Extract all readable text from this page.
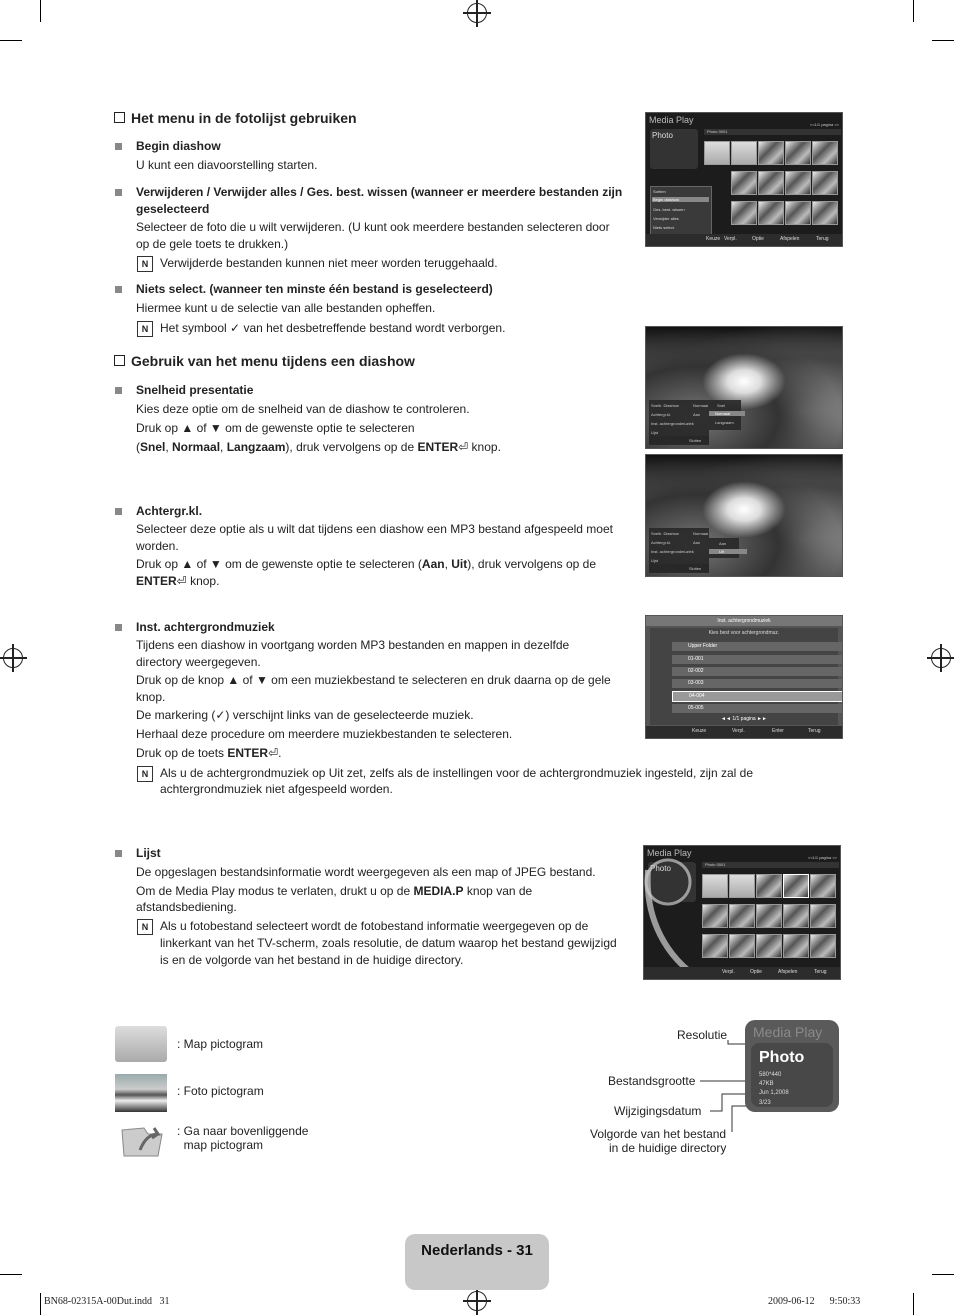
Het menu in de fotolijst gebruiken
Begin diashow
U kunt een diavoorstelling starten.
Verwijderen / Verwijder alles / Ges. best. wissen (wanneer er meerdere bestanden zijn
geselecteerd
Selecteer de foto die u wilt verwijderen. (U kunt ook meerdere bestanden selecteren door
op de gele toets te drukken.)
N Verwijderde bestanden kunnen niet meer worden teruggehaald.
Niets select. (wanneer ten minste één bestand is geselecteerd)
Hiermee kunt u de selectie van alle bestanden opheffen.
N Het symbool ✓ van het desbetreffende bestand wordt verborgen.
Gebruik van het menu tijdens een diashow
Snelheid presentatie
Kies deze optie om de snelheid van de diashow te controleren.
Druk op ▲ of ▼ om de gewenste optie te selecteren
(Snel, Normaal, Langzaam), druk vervolgens op de ENTER⏎ knop.
Achtergr.kl.
Selecteer deze optie als u wilt dat tijdens een diashow een MP3 bestand afgespeeld moet
worden.
Druk op ▲ of ▼ om de gewenste optie te selecteren (Aan, Uit), druk vervolgens op de
ENTER⏎ knop.
Inst. achtergrondmuziek
Tijdens een diashow in voortgang worden MP3 bestanden en mappen in dezelfde
directory weergegeven.
Druk op de knop ▲ of ▼ om een muziekbestand te selecteren en druk daarna op de gele
knop.
De markering (✓) verschijnt links van de geselecteerde muziek.
Herhaal deze procedure om meerdere muziekbestanden te selecteren.
Druk op de toets ENTER⏎.
N Als u de achtergrondmuziek op Uit zet, zelfs als de instellingen voor de achtergrondmuziek ingesteld, zijn zal de
achtergrondmuziek niet afgespeeld worden.
Lijst
De opgeslagen bestandsinformatie wordt weergegeven als een map of JPEG bestand.
Om de Media Play modus te verlaten, drukt u op de MEDIA.P knop van de
afstandsbediening.
N Als u fotobestand selecteert wordt de fotobestand informatie weergegeven op de
linkerkant van het TV-scherm, zoals resolutie, de datum waarop het bestand gewijzigd
is en de volgorde van het bestand in de huidige directory.
Media Play	<<1/1 pagina >>
Photo	Photo 0001
Sortien
Begin diashow
Ges. best. wissen
Verwijder alles
Niets select.
Keuze Verpl.	Optie	Afspelen	Terug
Snelh. Diashow	Normaal
Achtergr.kl.	Aan
Inst. achtergrondmuziek
Lijst
Snel
Normaal
Langzaam
Sluiten
Snelh. Diashow	Normaal
Achtergr.kl.	Aan
Inst. achtergrondmuziek
Lijst
Aan
Uit
Sluiten
Inst. achtergrondmuziek
Kies best voor achtergrondmuz.
Upper Folder
01-001
02-002
03-003
04-004
05-005
◄◄ 1/1 pagina ►►
Keuze	Verpl.	Enter	Terug
Media Play	<<1/1 pagina >>
Photo	Photo 0001
Verpl.	Optie	Afspelen	Terug
: Map pictogram
: Foto pictogram
: Ga naar bovenliggende
map pictogram
Resolutie
Bestandsgrootte
Wijzigingsdatum
Volgorde van het bestand
in de huidige directory
Media Play
Photo
580*440
47KB
Jun 1,2008
3/23
Nederlands - 31
BN68-02315A-00Dut.indd   31	2009-06-12      9:50:33
